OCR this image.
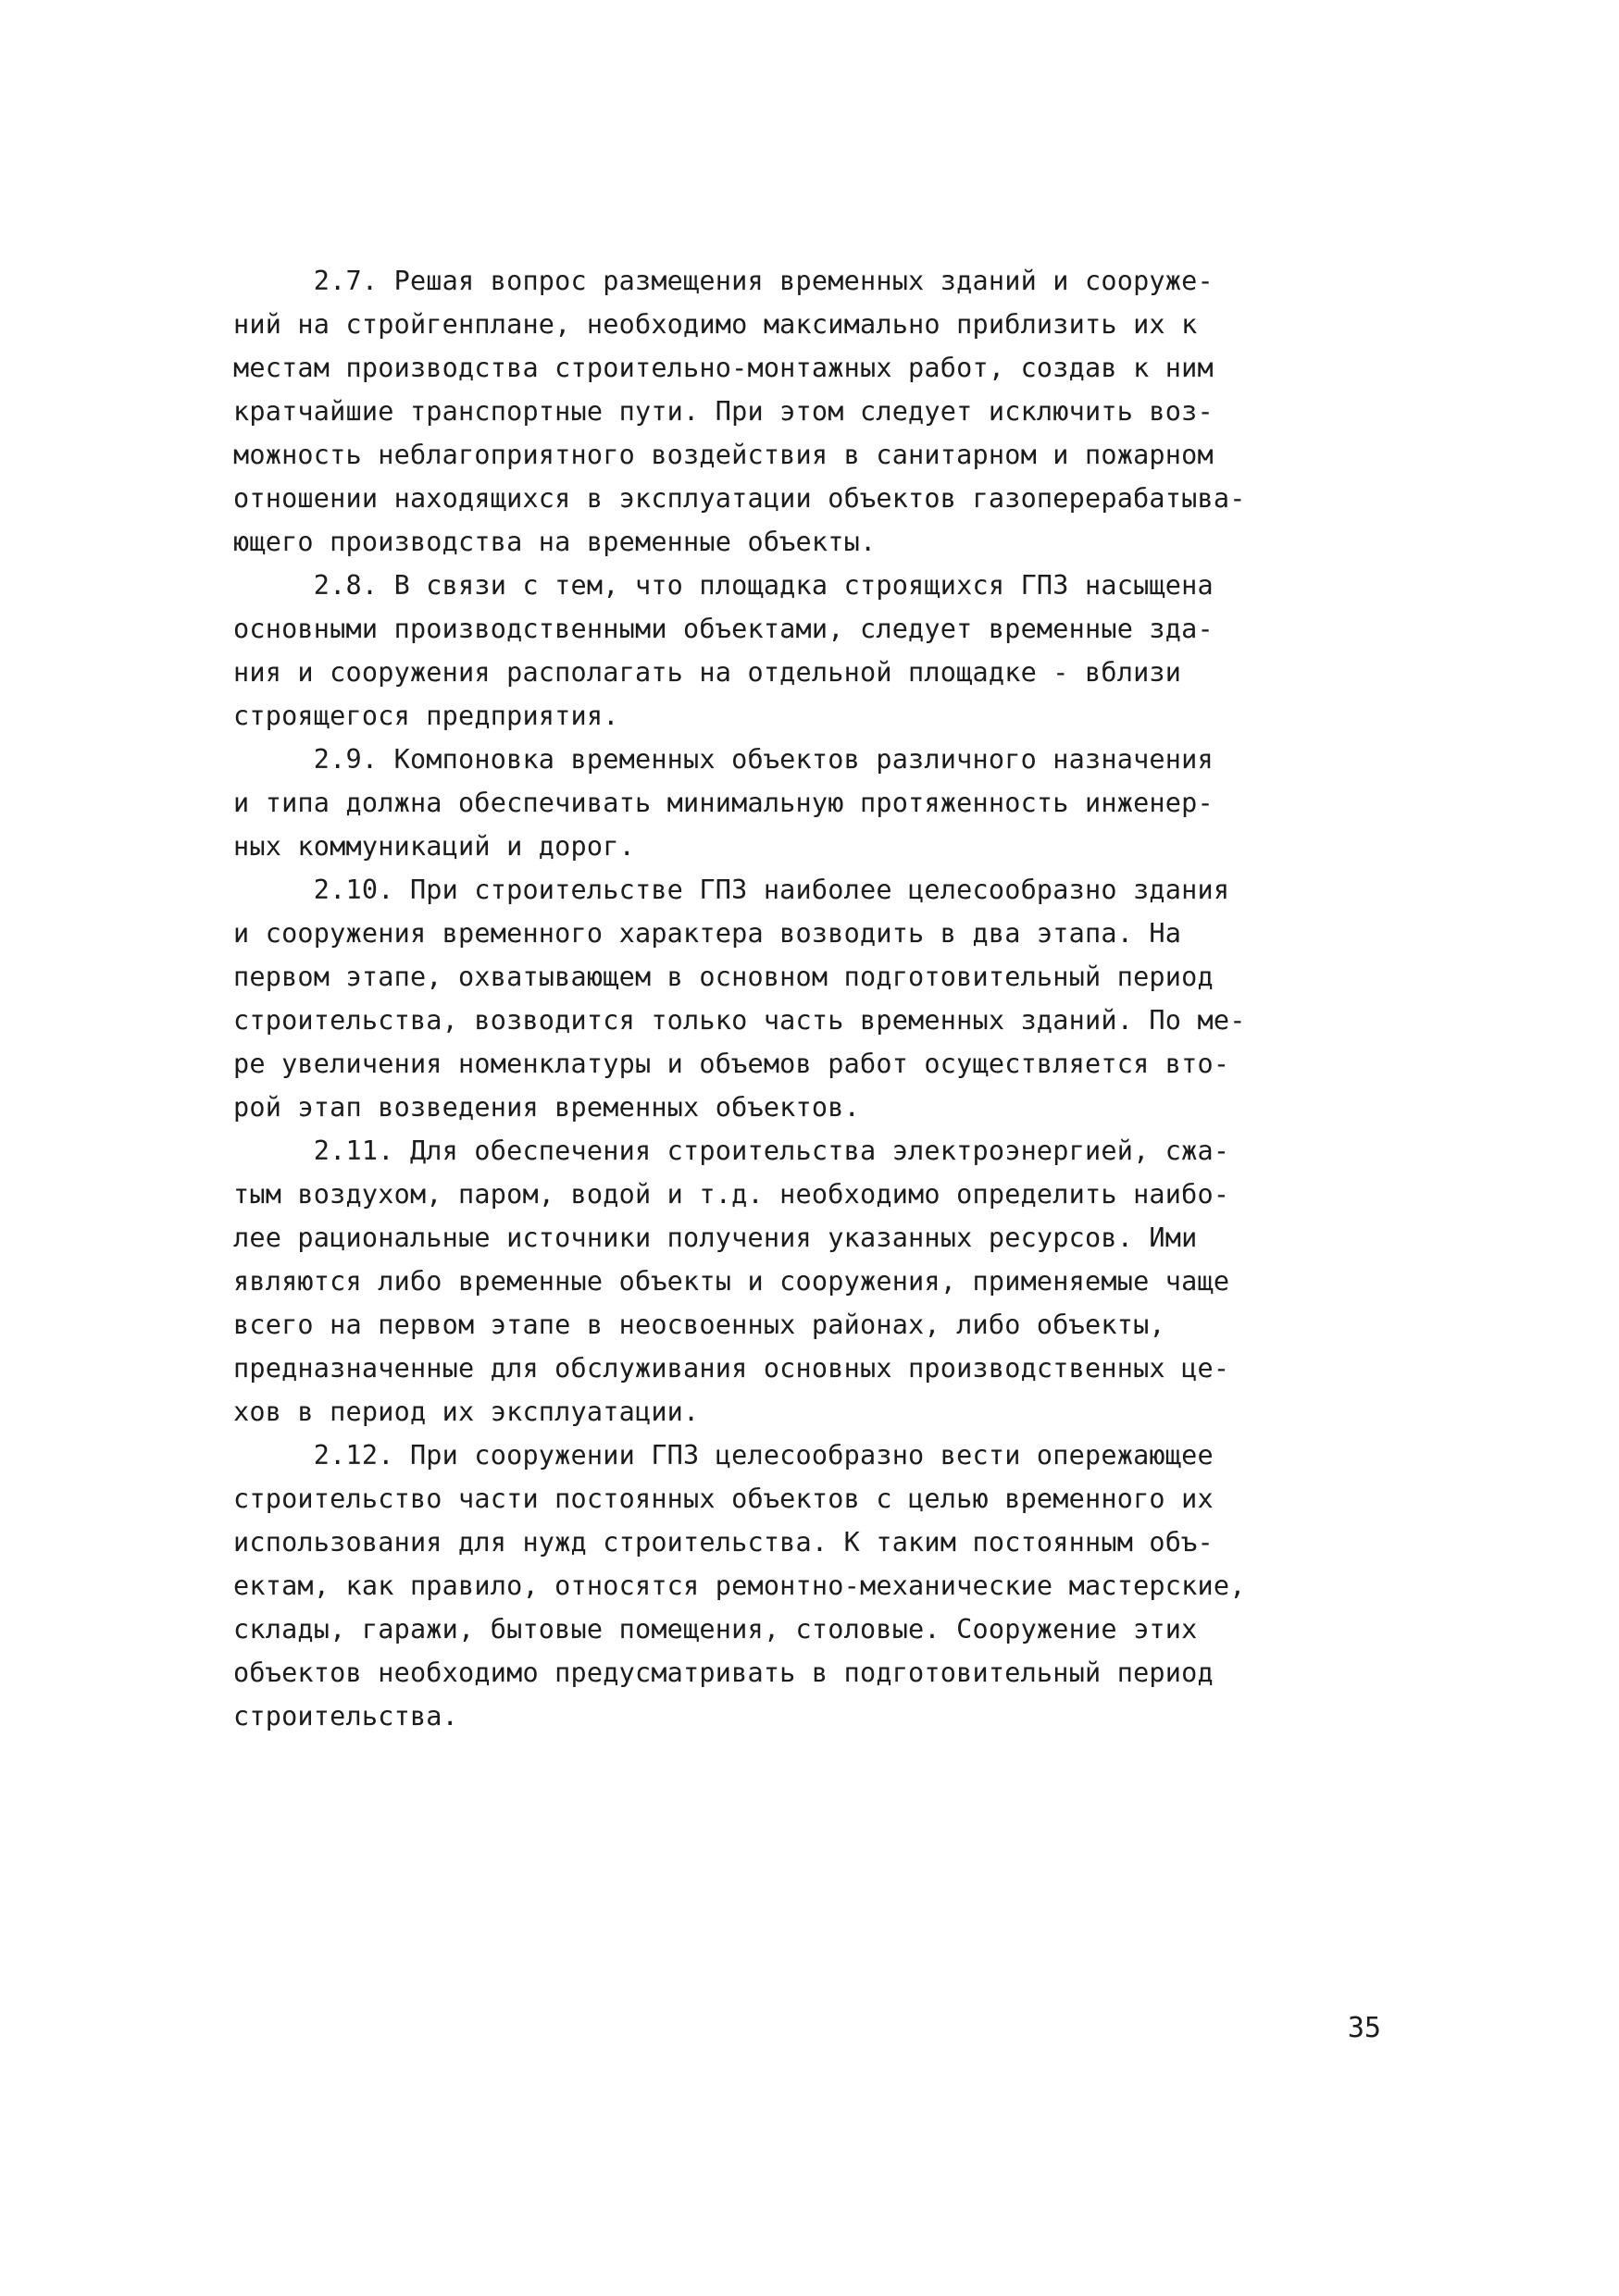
2.7. Решая вопрос размещения временных зданий и сооруже-
ний на стройгенплане, необходимо максимально приблизить их к
местам производства строительно-монтажных работ, создав к ним
кратчайшие транспортные пути. При этом следует исключить воз-
можность неблагоприятного воздействия в санитарном и пожарном
отношении находящихся в эксплуатации объектов газоперерабатыва-
ющего производства на временные объекты.
2.8. В связи с тем, что площадка строящихся ГПЗ насыщена
основными производственными объектами, следует временные зда-
ния и сооружения располагать на отдельной площадке - вблизи
строящегося предприятия.
2.9. Компоновка временных объектов различного назначения
и типа должна обеспечивать минимальную протяженность инженер-
ных коммуникаций и дорог.
2.10. При строительстве ГПЗ наиболее целесообразно здания
и сооружения временного характера возводить в два этапа. На
первом этапе, охватывающем в основном подготовительный период
строительства, возводится только часть временных зданий. По ме-
ре увеличения номенклатуры и объемов работ осуществляется вто-
рой этап возведения временных объектов.
2.11. Для обеспечения строительства электроэнергией, сжа-
тым воздухом, паром, водой и т.д. необходимо определить наибо-
лее рациональные источники получения указанных ресурсов. Ими
являются либо временные объекты и сооружения, применяемые чаще
всего на первом этапе в неосвоенных районах, либо объекты,
предназначенные для обслуживания основных производственных це-
хов в период их эксплуатации.
2.12. При сооружении ГПЗ целесообразно вести опережающее
строительство части постоянных объектов с целью временного их
использования для нужд строительства. К таким постоянным объ-
ектам, как правило, относятся ремонтно-механические мастерские,
склады, гаражи, бытовые помещения, столовые. Сооружение этих
объектов необходимо предусматривать в подготовительный период
строительства.
35
